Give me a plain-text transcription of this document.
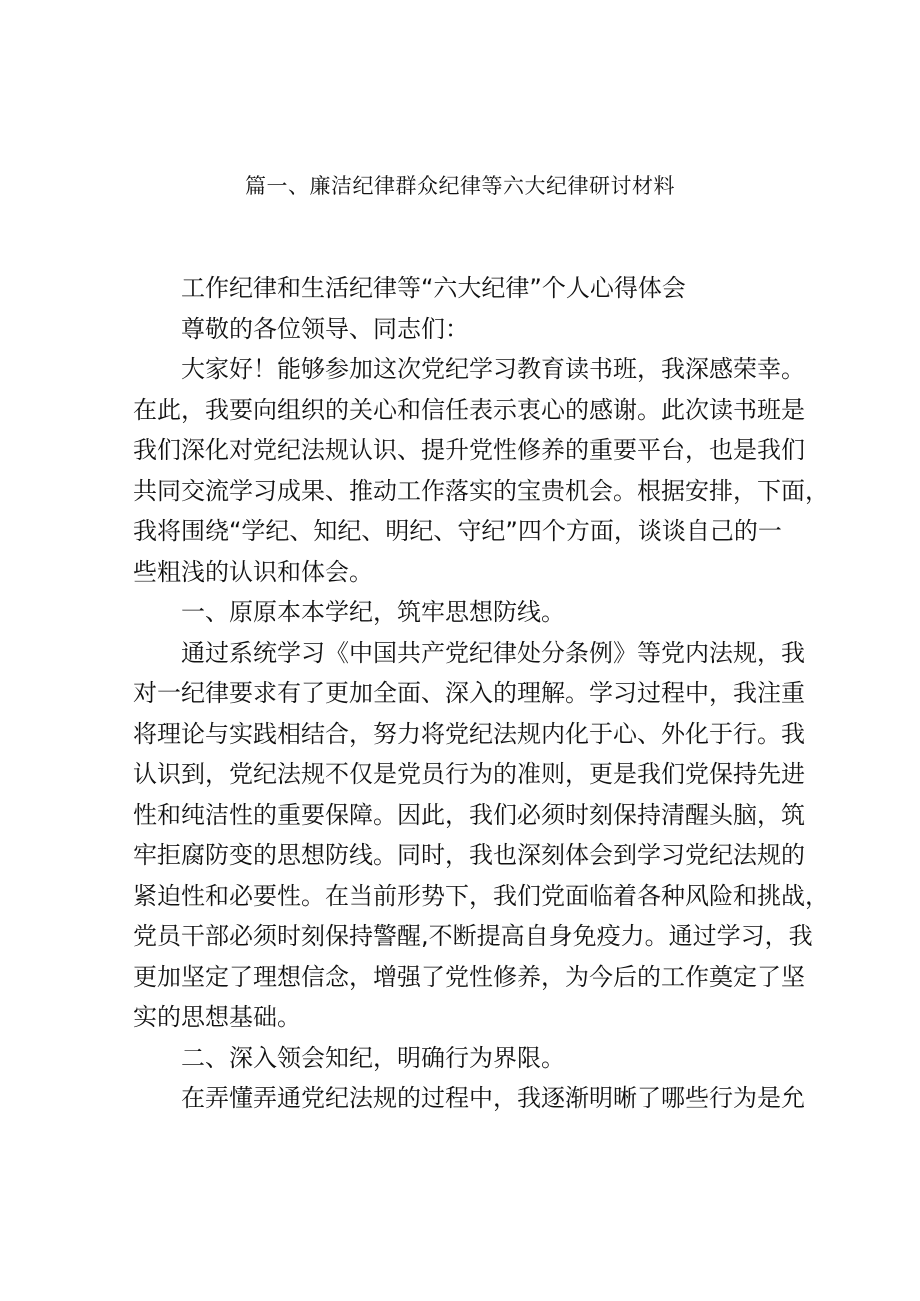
篇一、廉洁纪律群众纪律等六大纪律研讨材料
工作纪律和生活纪律等“六大纪律”个人心得体会
尊敬的各位领导、同志们：
大家好！能够参加这次党纪学习教育读书班，我深感荣幸。
在此，我要向组织的关心和信任表示衷心的感谢。此次读书班是
我们深化对党纪法规认识、提升党性修养的重要平台，也是我们
共同交流学习成果、推动工作落实的宝贵机会。根据安排，下面，
我将围绕“学纪、知纪、明纪、守纪”四个方面，谈谈自己的一
些粗浅的认识和体会。
一、原原本本学纪，筑牢思想防线。
通过系统学习《中国共产党纪律处分条例》等党内法规，我
对一纪律要求有了更加全面、深入的理解。学习过程中，我注重
将理论与实践相结合，努力将党纪法规内化于心、外化于行。我
认识到，党纪法规不仅是党员行为的准则，更是我们党保持先进
性和纯洁性的重要保障。因此，我们必须时刻保持清醒头脑，筑
牢拒腐防变的思想防线。同时，我也深刻体会到学习党纪法规的
紧迫性和必要性。在当前形势下，我们党面临着各种风险和挑战，
党员干部必须时刻保持警醒,不断提高自身免疫力。通过学习，我
更加坚定了理想信念，增强了党性修养，为今后的工作奠定了坚
实的思想基础。
二、深入领会知纪，明确行为界限。
在弄懂弄通党纪法规的过程中，我逐渐明晰了哪些行为是允
